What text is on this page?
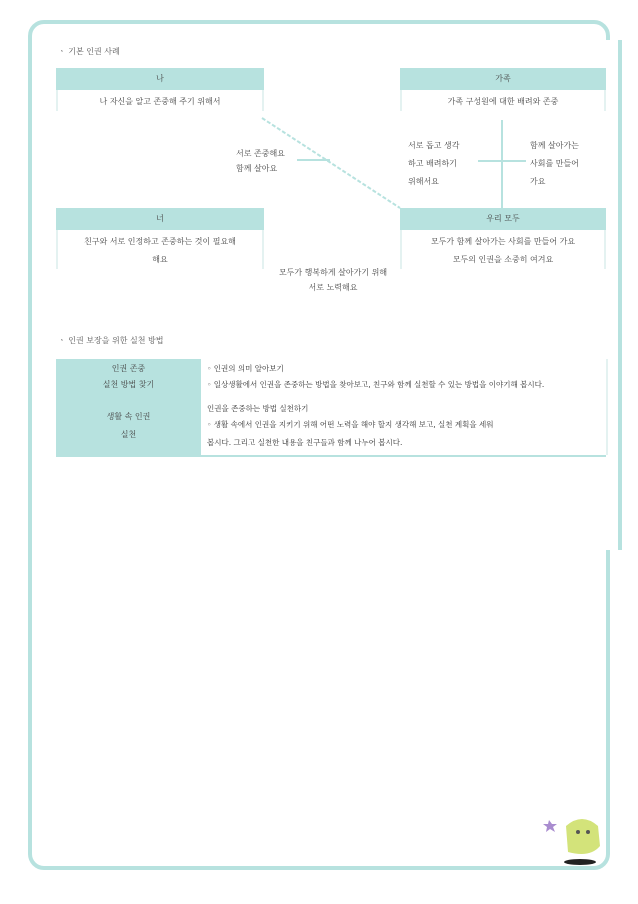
ㆍ 기본 인권 사례
나
나 자신을 알고 존중해 주기 위해서
가족
가족 구성원에 대한 배려와 존중
너
친구와 서로 인정하고 존중하는 것이 필요해
해요
우리 모두
모두가 함께 살아가는 사회를 만들어 가요
모두의 인권을 소중히 여겨요
서로 존중해요
함께 살아요
서로 돕고 생각
하고 배려하기
위해서요
함께 살아가는
사회를 만들어
가요
모두가 행복하게 살아가기 위해
서로 노력해요
ㆍ 인권 보장을 위한 실천 방법
인권 존중
실천 방법 찾기
생활 속 인권
실천
◦ 인권의 의미 알아보기
◦ 일상생활에서 인권을 존중하는 방법을 찾아보고, 친구와 함께 실천할 수 있는 방법을 이야기해 봅시다.
인권을 존중하는 방법 실천하기
◦ 생활 속에서 인권을 지키기 위해 어떤 노력을 해야 할지 생각해 보고, 실천 계획을 세워
봅시다. 그리고 실천한 내용을 친구들과 함께 나누어 봅시다.
